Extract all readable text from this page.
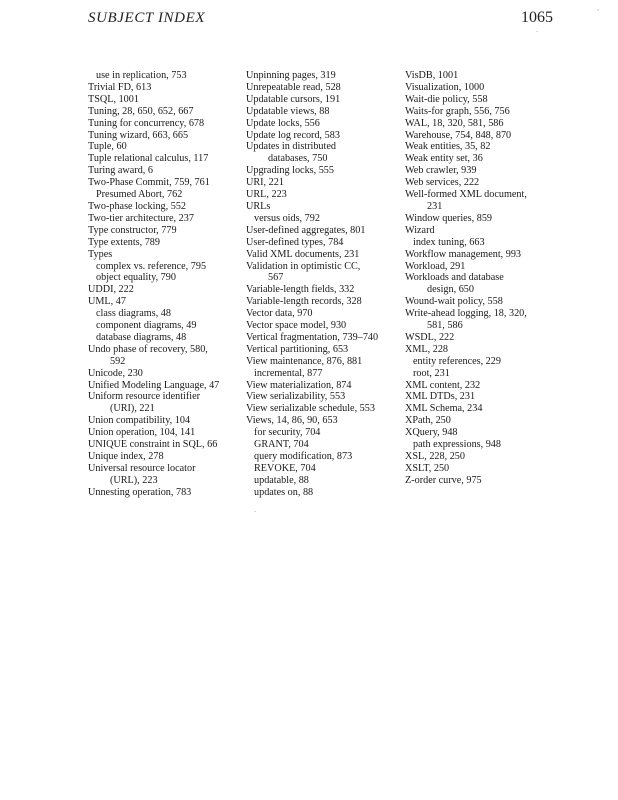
SUBJECT INDEX	1065
use in replication, 753
Trivial FD, 613
TSQL, 1001
Tuning, 28, 650, 652, 667
Tuning for concurrency, 678
Tuning wizard, 663, 665
Tuple, 60
Tuple relational calculus, 117
Turing award, 6
Two-Phase Commit, 759, 761
Presumed Abort, 762
Two-phase locking, 552
Two-tier architecture, 237
Type constructor, 779
Type extents, 789
Types
complex vs. reference, 795
object equality, 790
UDDI, 222
UML, 47
class diagrams, 48
component diagrams, 49
database diagrams, 48
Undo phase of recovery, 580,
592
Unicode, 230
Unified Modeling Language, 47
Uniform resource identifier
(URI), 221
Union compatibility, 104
Union operation, 104, 141
UNIQUE constraint in SQL, 66
Unique index, 278
Universal resource locator
(URL), 223
Unnesting operation, 783
Unpinning pages, 319
Unrepeatable read, 528
Updatable cursors, 191
Updatable views, 88
Update locks, 556
Update log record, 583
Updates in distributed
databases, 750
Upgrading locks, 555
URI, 221
URL, 223
URLs
versus oids, 792
User-defined aggregates, 801
User-defined types, 784
Valid XML documents, 231
Validation in optimistic CC,
567
Variable-length fields, 332
Variable-length records, 328
Vector data, 970
Vector space model, 930
Vertical fragmentation, 739–740
Vertical partitioning, 653
View maintenance, 876, 881
incremental, 877
View materialization, 874
View serializability, 553
View serializable schedule, 553
Views, 14, 86, 90, 653
for security, 704
GRANT, 704
query modification, 873
REVOKE, 704
updatable, 88
updates on, 88
VisDB, 1001
Visualization, 1000
Wait-die policy, 558
Waits-for graph, 556, 756
WAL, 18, 320, 581, 586
Warehouse, 754, 848, 870
Weak entities, 35, 82
Weak entity set, 36
Web crawler, 939
Web services, 222
Well-formed XML document,
231
Window queries, 859
Wizard
index tuning, 663
Workflow management, 993
Workload, 291
Workloads and database
design, 650
Wound-wait policy, 558
Write-ahead logging, 18, 320,
581, 586
WSDL, 222
XML, 228
entity references, 229
root, 231
XML content, 232
XML DTDs, 231
XML Schema, 234
XPath, 250
XQuery, 948
path expressions, 948
XSL, 228, 250
XSLT, 250
Z-order curve, 975
,
·
·
